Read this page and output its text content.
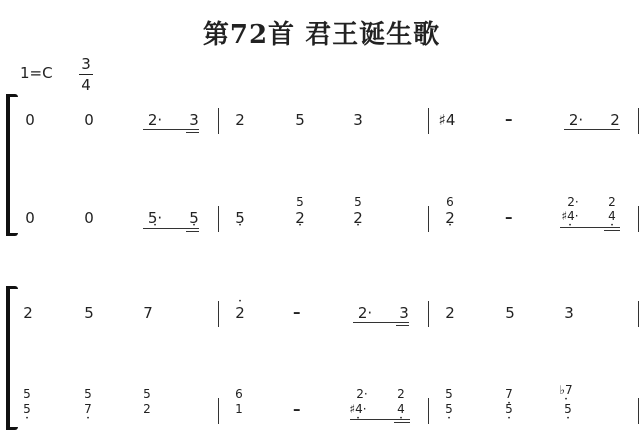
第72首 君王诞生歌
1=C 3
4
0	0	2· 3 2	5	3	♯4	–	2· 2
0	0	5· • 5 • 5 •
5
2 •
5
2 •
6
2 •	–
2·	2
♯4· •	4 •
2	5	7
•	2	–	2· 3 2	5	3
5
5 •
5
7 •
5
2
6
1	–
2·	2
♯4· •	4 •
5
5 •
7 •
5 •
♭7 •
5 •
